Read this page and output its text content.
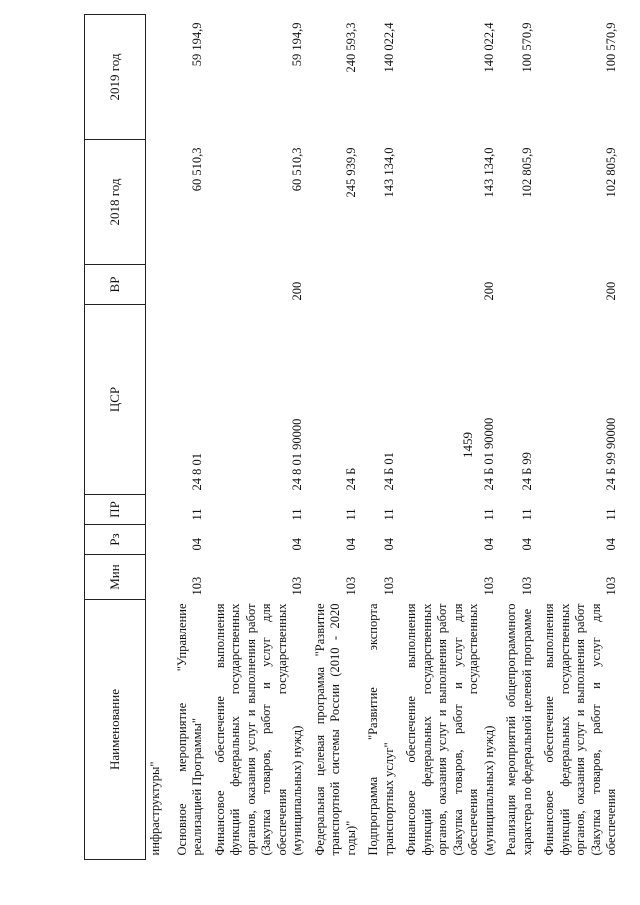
1459
Наименование	Мин	Рз	ПР	ЦСР	ВР	2018 год	2019 год
инфраструктуры"							
Основное мероприятие "Управление реализацией Программы"	103	04	11	24 8 01		60 510,3	59 194,9
Финансовое обеспечение выполнения функций федеральных государственных органов, оказания услуг и выполнения работ (Закупка товаров, работ и услуг для обеспечения государственных (муниципальных) нужд)	103	04	11	24 8 01 90000	200	60 510,3	59 194,9
Федеральная целевая программа "Развитие транспортной системы России (2010 - 2020 годы)"	103	04	11	24 Б		245 939,9	240 593,3
Подпрограмма "Развитие экспорта транспортных услуг"	103	04	11	24 Б 01		143 134,0	140 022,4
Финансовое обеспечение выполнения функций федеральных государственных органов, оказания услуг и выполнения работ (Закупка товаров, работ и услуг для обеспечения государственных (муниципальных) нужд)	103	04	11	24 Б 01 90000	200	143 134,0	140 022,4
Реализация мероприятий общепрограммного характера по федеральной целевой программе	103	04	11	24 Б 99		102 805,9	100 570,9
Финансовое обеспечение выполнения функций федеральных государственных органов, оказания услуг и выполнения работ (Закупка товаров, работ и услуг для обеспечения	103	04	11	24 Б 99 90000	200	102 805,9	100 570,9
